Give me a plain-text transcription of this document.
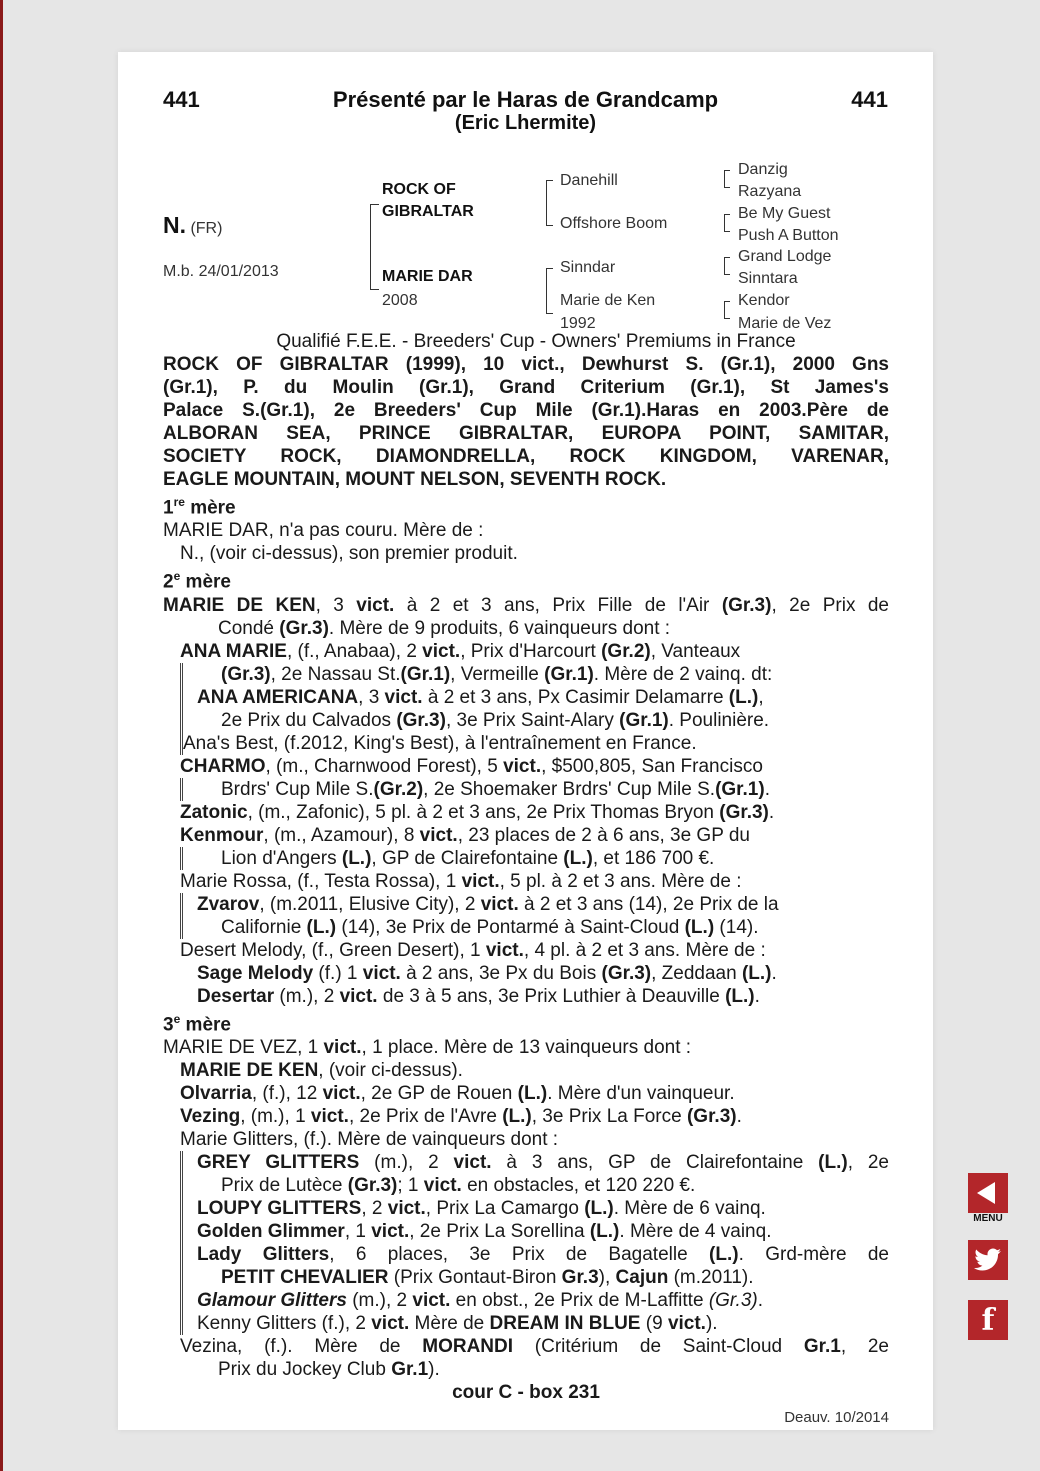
441	Présenté par le Haras de Grandcamp
(Eric Lhermite)
441
N. (FR)
M.b. 24/01/2013
ROCK OF
GIBRALTAR
MARIE DAR
2008
Danehill
Offshore Boom
Sinndar
Marie de Ken
1992
Danzig
Razyana
Be My Guest
Push A Button
Grand Lodge
Sinntara
Kendor
Marie de Vez
Qualifié F.E.E. - Breeders' Cup - Owners' Premiums in France
ROCK OF GIBRALTAR (1999), 10 vict., Dewhurst S. (Gr.1), 2000 Gns
(Gr.1), P. du Moulin (Gr.1), Grand Criterium (Gr.1), St James's
Palace S.(Gr.1), 2e Breeders' Cup Mile (Gr.1).Haras en 2003.Père de
ALBORAN SEA, PRINCE GIBRALTAR, EUROPA POINT, SAMITAR,
SOCIETY ROCK, DIAMONDRELLA, ROCK KINGDOM, VARENAR,
EAGLE MOUNTAIN, MOUNT NELSON, SEVENTH ROCK.
1re mère
MARIE DAR, n'a pas couru. Mère de :
N., (voir ci-dessus), son premier produit.
2e mère
MARIE DE KEN, 3 vict. à 2 et 3 ans, Prix Fille de l'Air (Gr.3), 2e Prix de
Condé (Gr.3). Mère de 9 produits, 6 vainqueurs dont :
ANA MARIE, (f., Anabaa), 2 vict., Prix d'Harcourt (Gr.2), Vanteaux
(Gr.3), 2e Nassau St.(Gr.1), Vermeille (Gr.1). Mère de 2 vainq. dt:
ANA AMERICANA, 3 vict. à 2 et 3 ans, Px Casimir Delamarre (L.),
2e Prix du Calvados (Gr.3), 3e Prix Saint-Alary (Gr.1). Poulinière.
Ana's Best, (f.2012, King's Best), à l'entraînement en France.
CHARMO, (m., Charnwood Forest), 5 vict., $500,805, San Francisco
Brdrs' Cup Mile S.(Gr.2), 2e Shoemaker Brdrs' Cup Mile S.(Gr.1).
Zatonic, (m., Zafonic), 5 pl. à 2 et 3 ans, 2e Prix Thomas Bryon (Gr.3).
Kenmour, (m., Azamour), 8 vict., 23 places de 2 à 6 ans, 3e GP du
Lion d'Angers (L.), GP de Clairefontaine (L.), et 186 700 €.
Marie Rossa, (f., Testa Rossa), 1 vict., 5 pl. à 2 et 3 ans. Mère de :
Zvarov, (m.2011, Elusive City), 2 vict. à 2 et 3 ans (14), 2e Prix de la
Californie (L.) (14), 3e Prix de Pontarmé à Saint-Cloud (L.) (14).
Desert Melody, (f., Green Desert), 1 vict., 4 pl. à 2 et 3 ans. Mère de :
Sage Melody (f.) 1 vict. à 2 ans, 3e Px du Bois (Gr.3), Zeddaan (L.).
Desertar (m.), 2 vict. de 3 à 5 ans, 3e Prix Luthier à Deauville (L.).
3e mère
MARIE DE VEZ, 1 vict., 1 place. Mère de 13 vainqueurs dont :
MARIE DE KEN, (voir ci-dessus).
Olvarria, (f.), 12 vict., 2e GP de Rouen (L.). Mère d'un vainqueur.
Vezing, (m.), 1 vict., 2e Prix de l'Avre (L.), 3e Prix La Force (Gr.3).
Marie Glitters, (f.). Mère de vainqueurs dont :
GREY GLITTERS (m.), 2 vict. à 3 ans, GP de Clairefontaine (L.), 2e
Prix de Lutèce (Gr.3); 1 vict. en obstacles, et 120 220 €.
LOUPY GLITTERS, 2 vict., Prix La Camargo (L.). Mère de 6 vainq.
Golden Glimmer, 1 vict., 2e Prix La Sorellina (L.). Mère de 4 vainq.
Lady Glitters, 6 places, 3e Prix de Bagatelle (L.). Grd-mère de
PETIT CHEVALIER (Prix Gontaut-Biron Gr.3), Cajun (m.2011).
Glamour Glitters (m.), 2 vict. en obst., 2e Prix de M-Laffitte (Gr.3).
Kenny Glitters (f.), 2 vict. Mère de DREAM IN BLUE (9 vict.).
Vezina, (f.). Mère de MORANDI (Critérium de Saint-Cloud Gr.1, 2e
Prix du Jockey Club Gr.1).
cour C - box 231
Deauv. 10/2014
MENU
f
